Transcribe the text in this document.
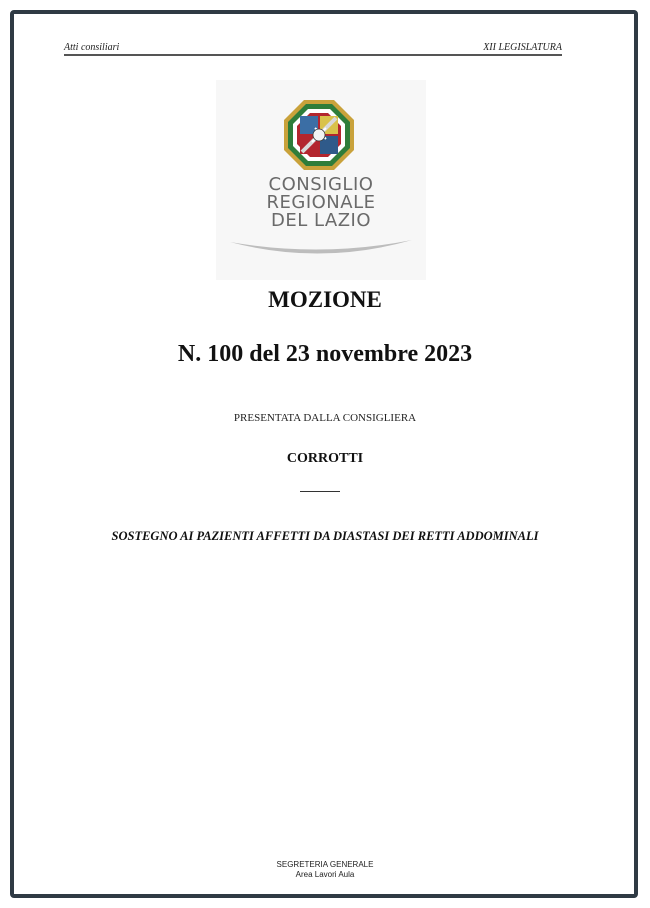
Atti consiliari	XII LEGISLATURA
CONSIGLIO
REGIONALE
DEL LAZIO
MOZIONE
N. 100 del 23 novembre 2023
PRESENTATA DALLA CONSIGLIERA
CORROTTI
SOSTEGNO AI PAZIENTI AFFETTI DA DIASTASI DEI RETTI ADDOMINALI
SEGRETERIA GENERALE
Area Lavori Aula
